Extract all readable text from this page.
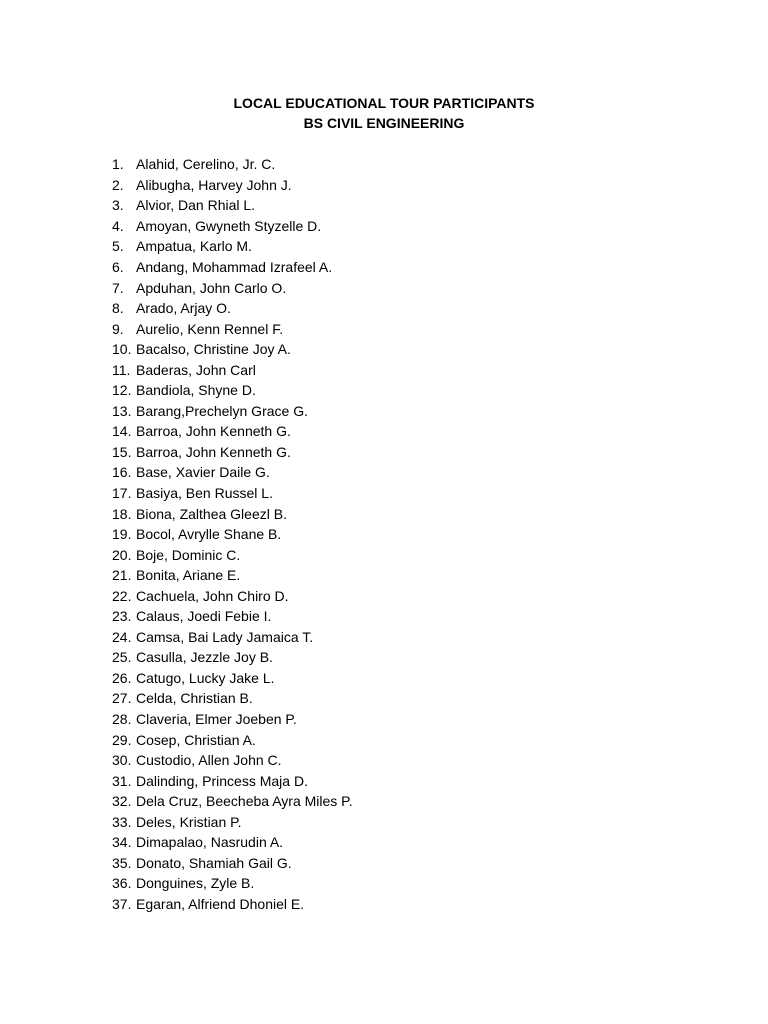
LOCAL EDUCATIONAL TOUR PARTICIPANTS
BS CIVIL ENGINEERING
1. Alahid, Cerelino, Jr. C.
2. Alibugha, Harvey John J.
3. Alvior, Dan Rhial L.
4. Amoyan, Gwyneth Styzelle D.
5. Ampatua, Karlo M.
6. Andang, Mohammad Izrafeel A.
7. Apduhan, John Carlo O.
8. Arado, Arjay O.
9. Aurelio, Kenn Rennel F.
10. Bacalso, Christine Joy A.
11. Baderas, John Carl
12. Bandiola, Shyne D.
13. Barang,Prechelyn Grace G.
14. Barroa, John Kenneth G.
15. Barroa, John Kenneth G.
16. Base, Xavier Daile G.
17. Basiya, Ben Russel L.
18. Biona, Zalthea Gleezl B.
19. Bocol, Avrylle Shane B.
20. Boje, Dominic C.
21. Bonita, Ariane E.
22. Cachuela, John Chiro D.
23. Calaus, Joedi Febie I.
24. Camsa, Bai Lady Jamaica T.
25. Casulla, Jezzle Joy B.
26. Catugo, Lucky Jake L.
27. Celda, Christian B.
28. Claveria, Elmer Joeben P.
29. Cosep, Christian A.
30. Custodio, Allen John C.
31. Dalinding, Princess Maja D.
32. Dela Cruz, Beecheba Ayra Miles P.
33. Deles, Kristian P.
34. Dimapalao, Nasrudin A.
35. Donato, Shamiah Gail G.
36. Donguines, Zyle B.
37. Egaran, Alfriend Dhoniel E.
